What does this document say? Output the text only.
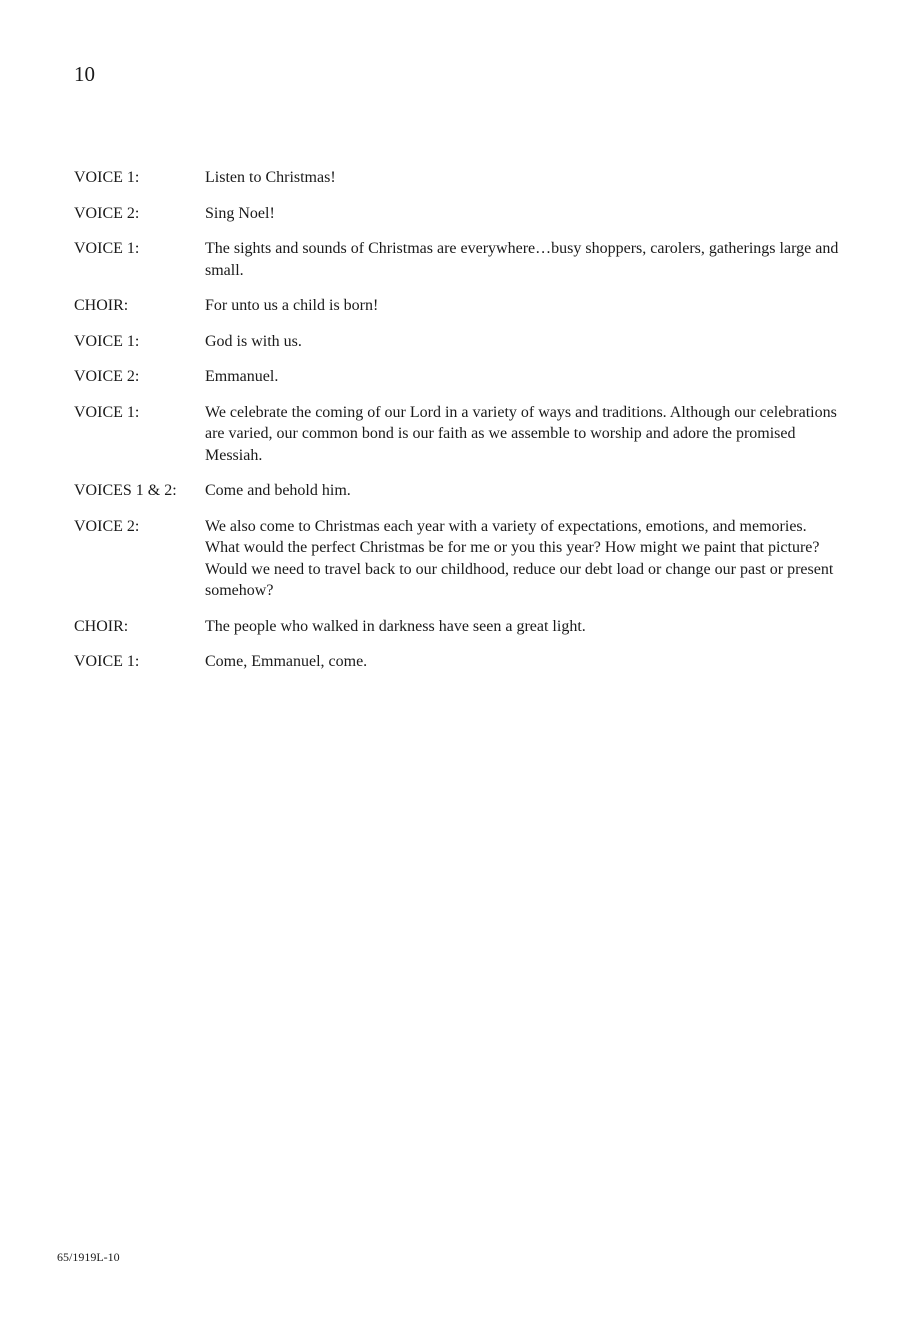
10
VOICE 1:	Listen to Christmas!
VOICE 2:	Sing Noel!
VOICE 1:	The sights and sounds of Christmas are everywhere…busy shoppers, carolers, gatherings large and small.
CHOIR:	For unto us a child is born!
VOICE 1:	God is with us.
VOICE 2:	Emmanuel.
VOICE 1:	We celebrate the coming of our Lord in a variety of ways and traditions. Although our celebrations are varied, our common bond is our faith as we assemble to worship and adore the promised Messiah.
VOICES 1 & 2:	Come and behold him.
VOICE 2:	We also come to Christmas each year with a variety of expectations, emotions, and memories. What would the perfect Christmas be for me or you this year? How might we paint that picture? Would we need to travel back to our childhood, reduce our debt load or change our past or present somehow?
CHOIR:	The people who walked in darkness have seen a great light.
VOICE 1:	Come, Emmanuel, come.
65/1919L-10
